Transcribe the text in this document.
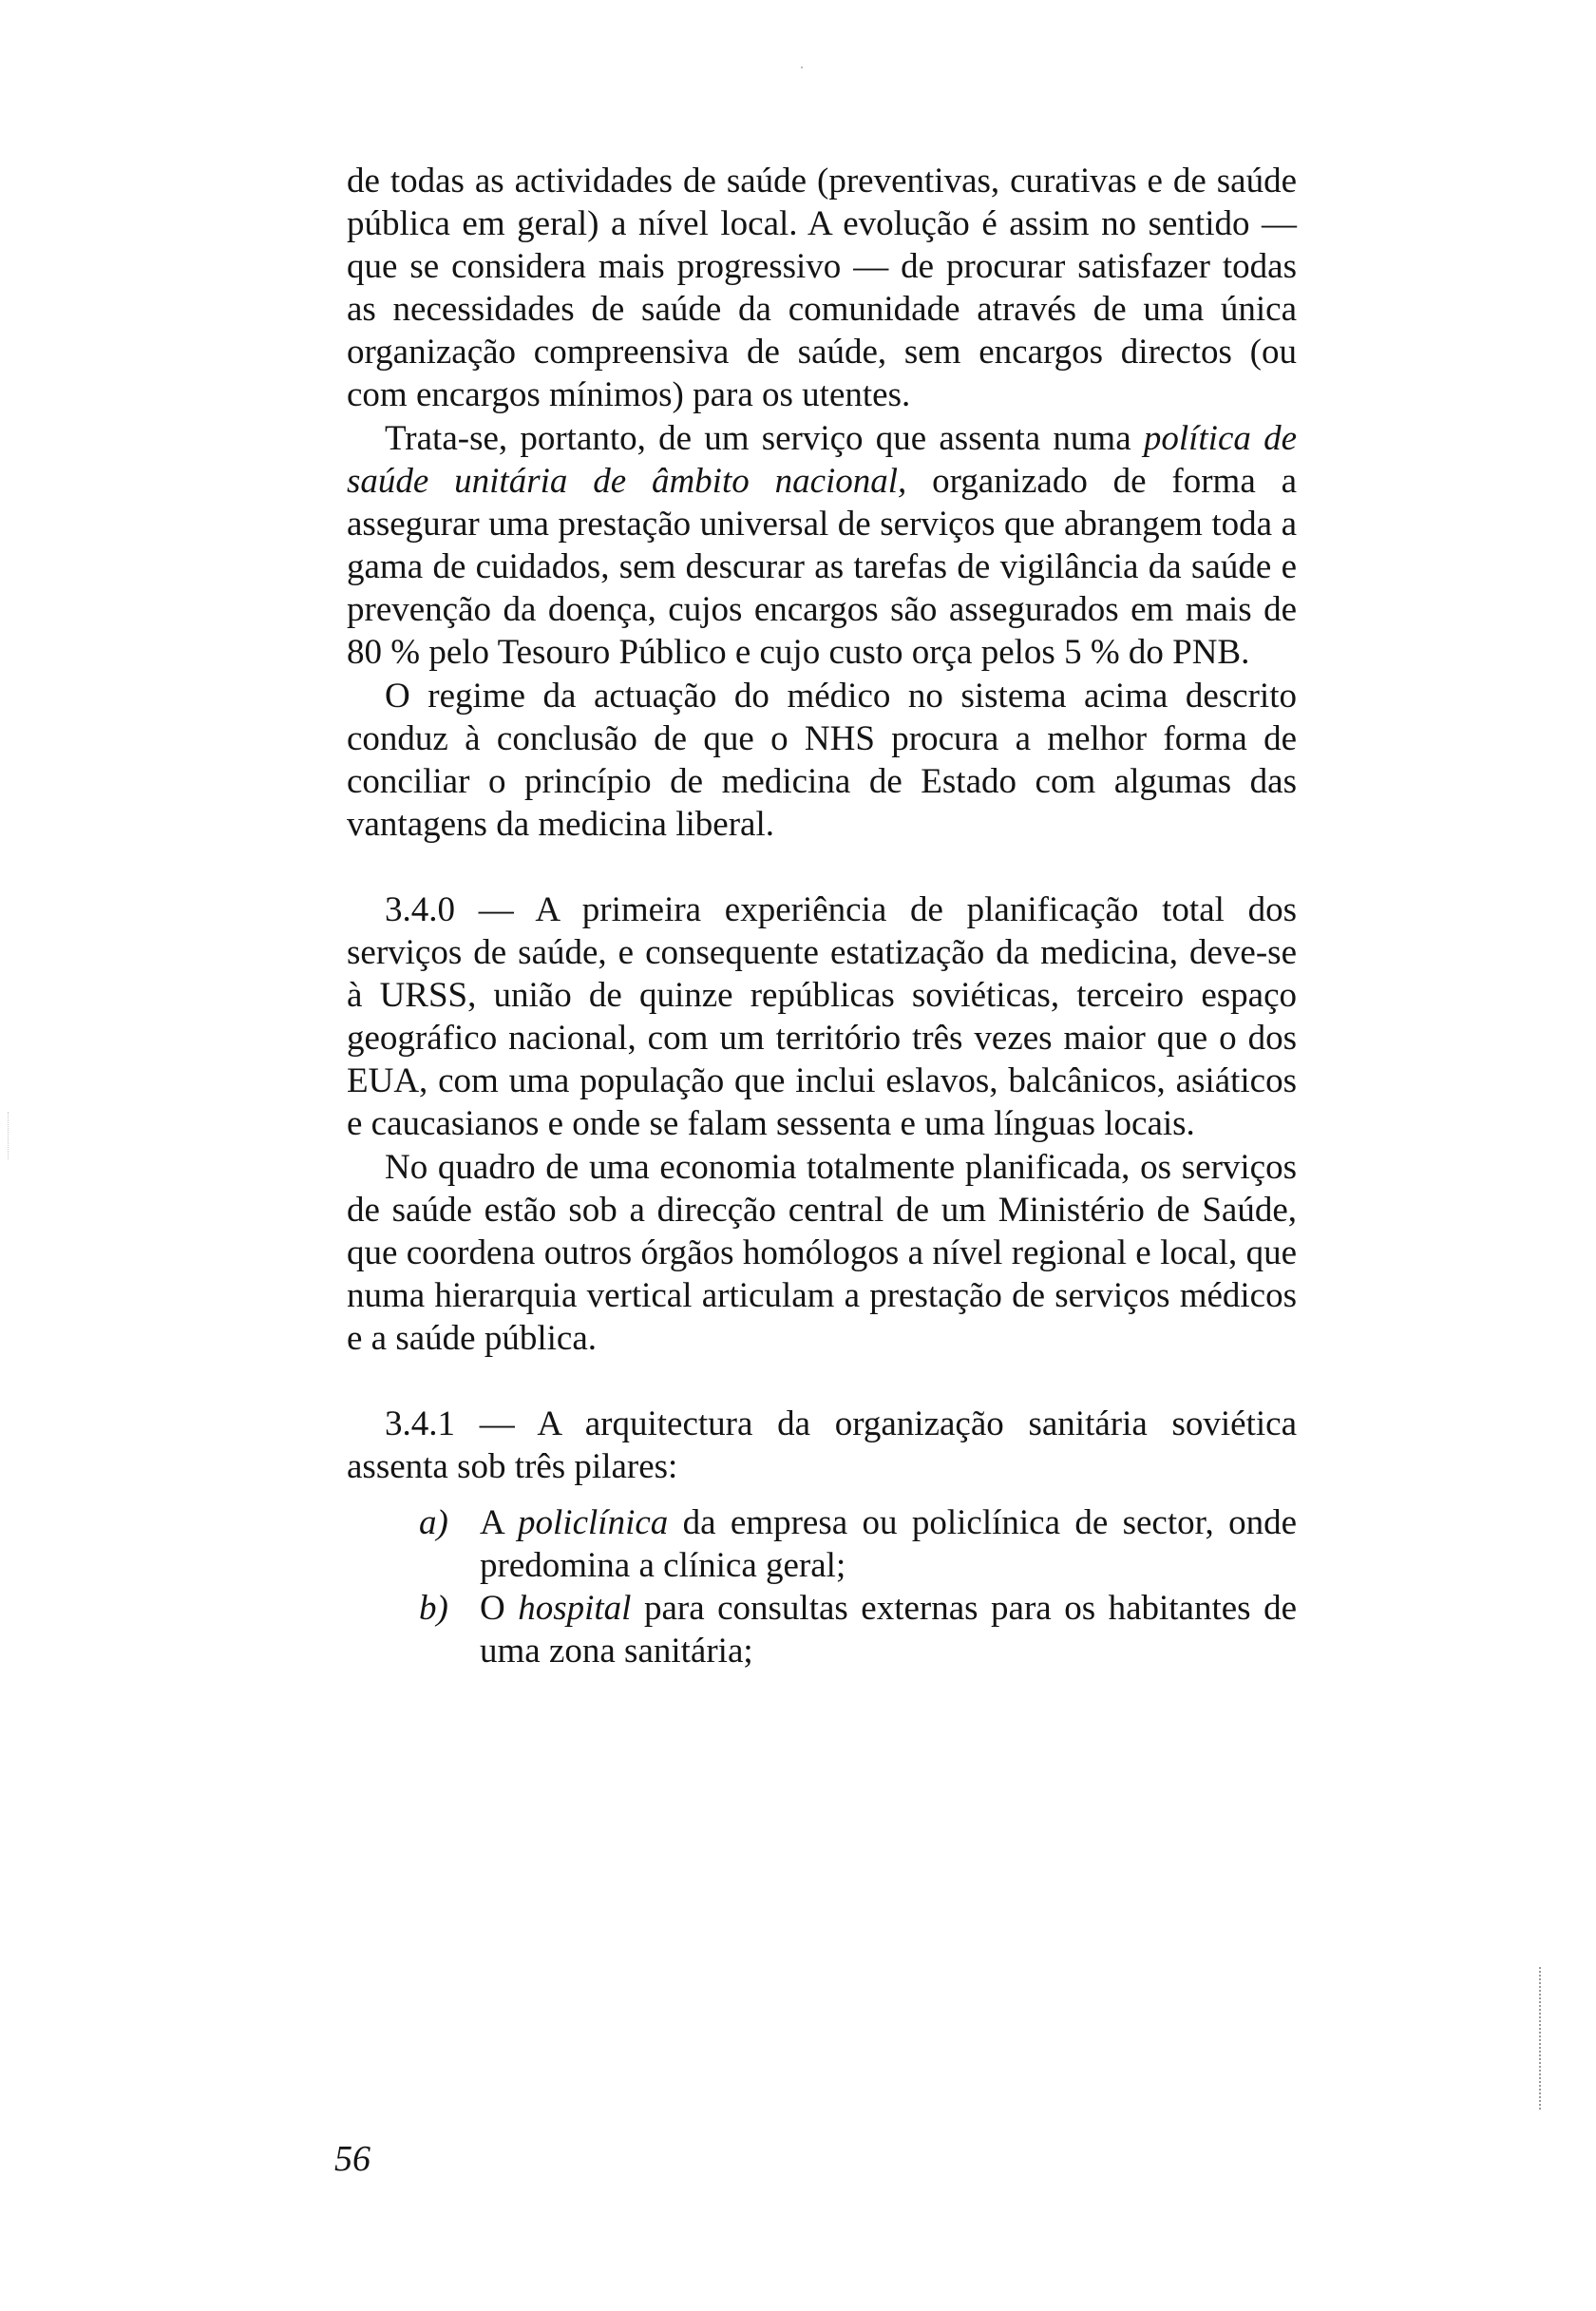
de todas as actividades de saúde (preventivas, curativas e de saúde pública em geral) a nível local. A evolução é assim no sentido — que se considera mais progressivo — de procurar satisfazer todas as necessidades de saúde da comunidade através de uma única organização compreensiva de saúde, sem encargos directos (ou com encargos mínimos) para os utentes.

Trata-se, portanto, de um serviço que assenta numa política de saúde unitária de âmbito nacional, organizado de forma a assegurar uma prestação universal de serviços que abrangem toda a gama de cuidados, sem descurar as tarefas de vigilância da saúde e prevenção da doença, cujos encargos são assegurados em mais de 80 % pelo Tesouro Público e cujo custo orça pelos 5 % do PNB.

O regime da actuação do médico no sistema acima descrito conduz à conclusão de que o NHS procura a melhor forma de conciliar o princípio de medicina de Estado com algumas das vantagens da medicina liberal.

3.4.0 — A primeira experiência de planificação total dos serviços de saúde, e consequente estatização da medicina, deve-se à URSS, união de quinze repúblicas soviéticas, terceiro espaço geográfico nacional, com um território três vezes maior que o dos EUA, com uma população que inclui eslavos, balcânicos, asiáticos e caucasianos e onde se falam sessenta e uma línguas locais.

No quadro de uma economia totalmente planificada, os serviços de saúde estão sob a direcção central de um Ministério de Saúde, que coordena outros órgãos homólogos a nível regional e local, que numa hierarquia vertical articulam a prestação de serviços médicos e a saúde pública.

3.4.1 — A arquitectura da organização sanitária soviética assenta sob três pilares:

a) A policlínica da empresa ou policlínica de sector, onde predomina a clínica geral;
b) O hospital para consultas externas para os habitantes de uma zona sanitária;
56
